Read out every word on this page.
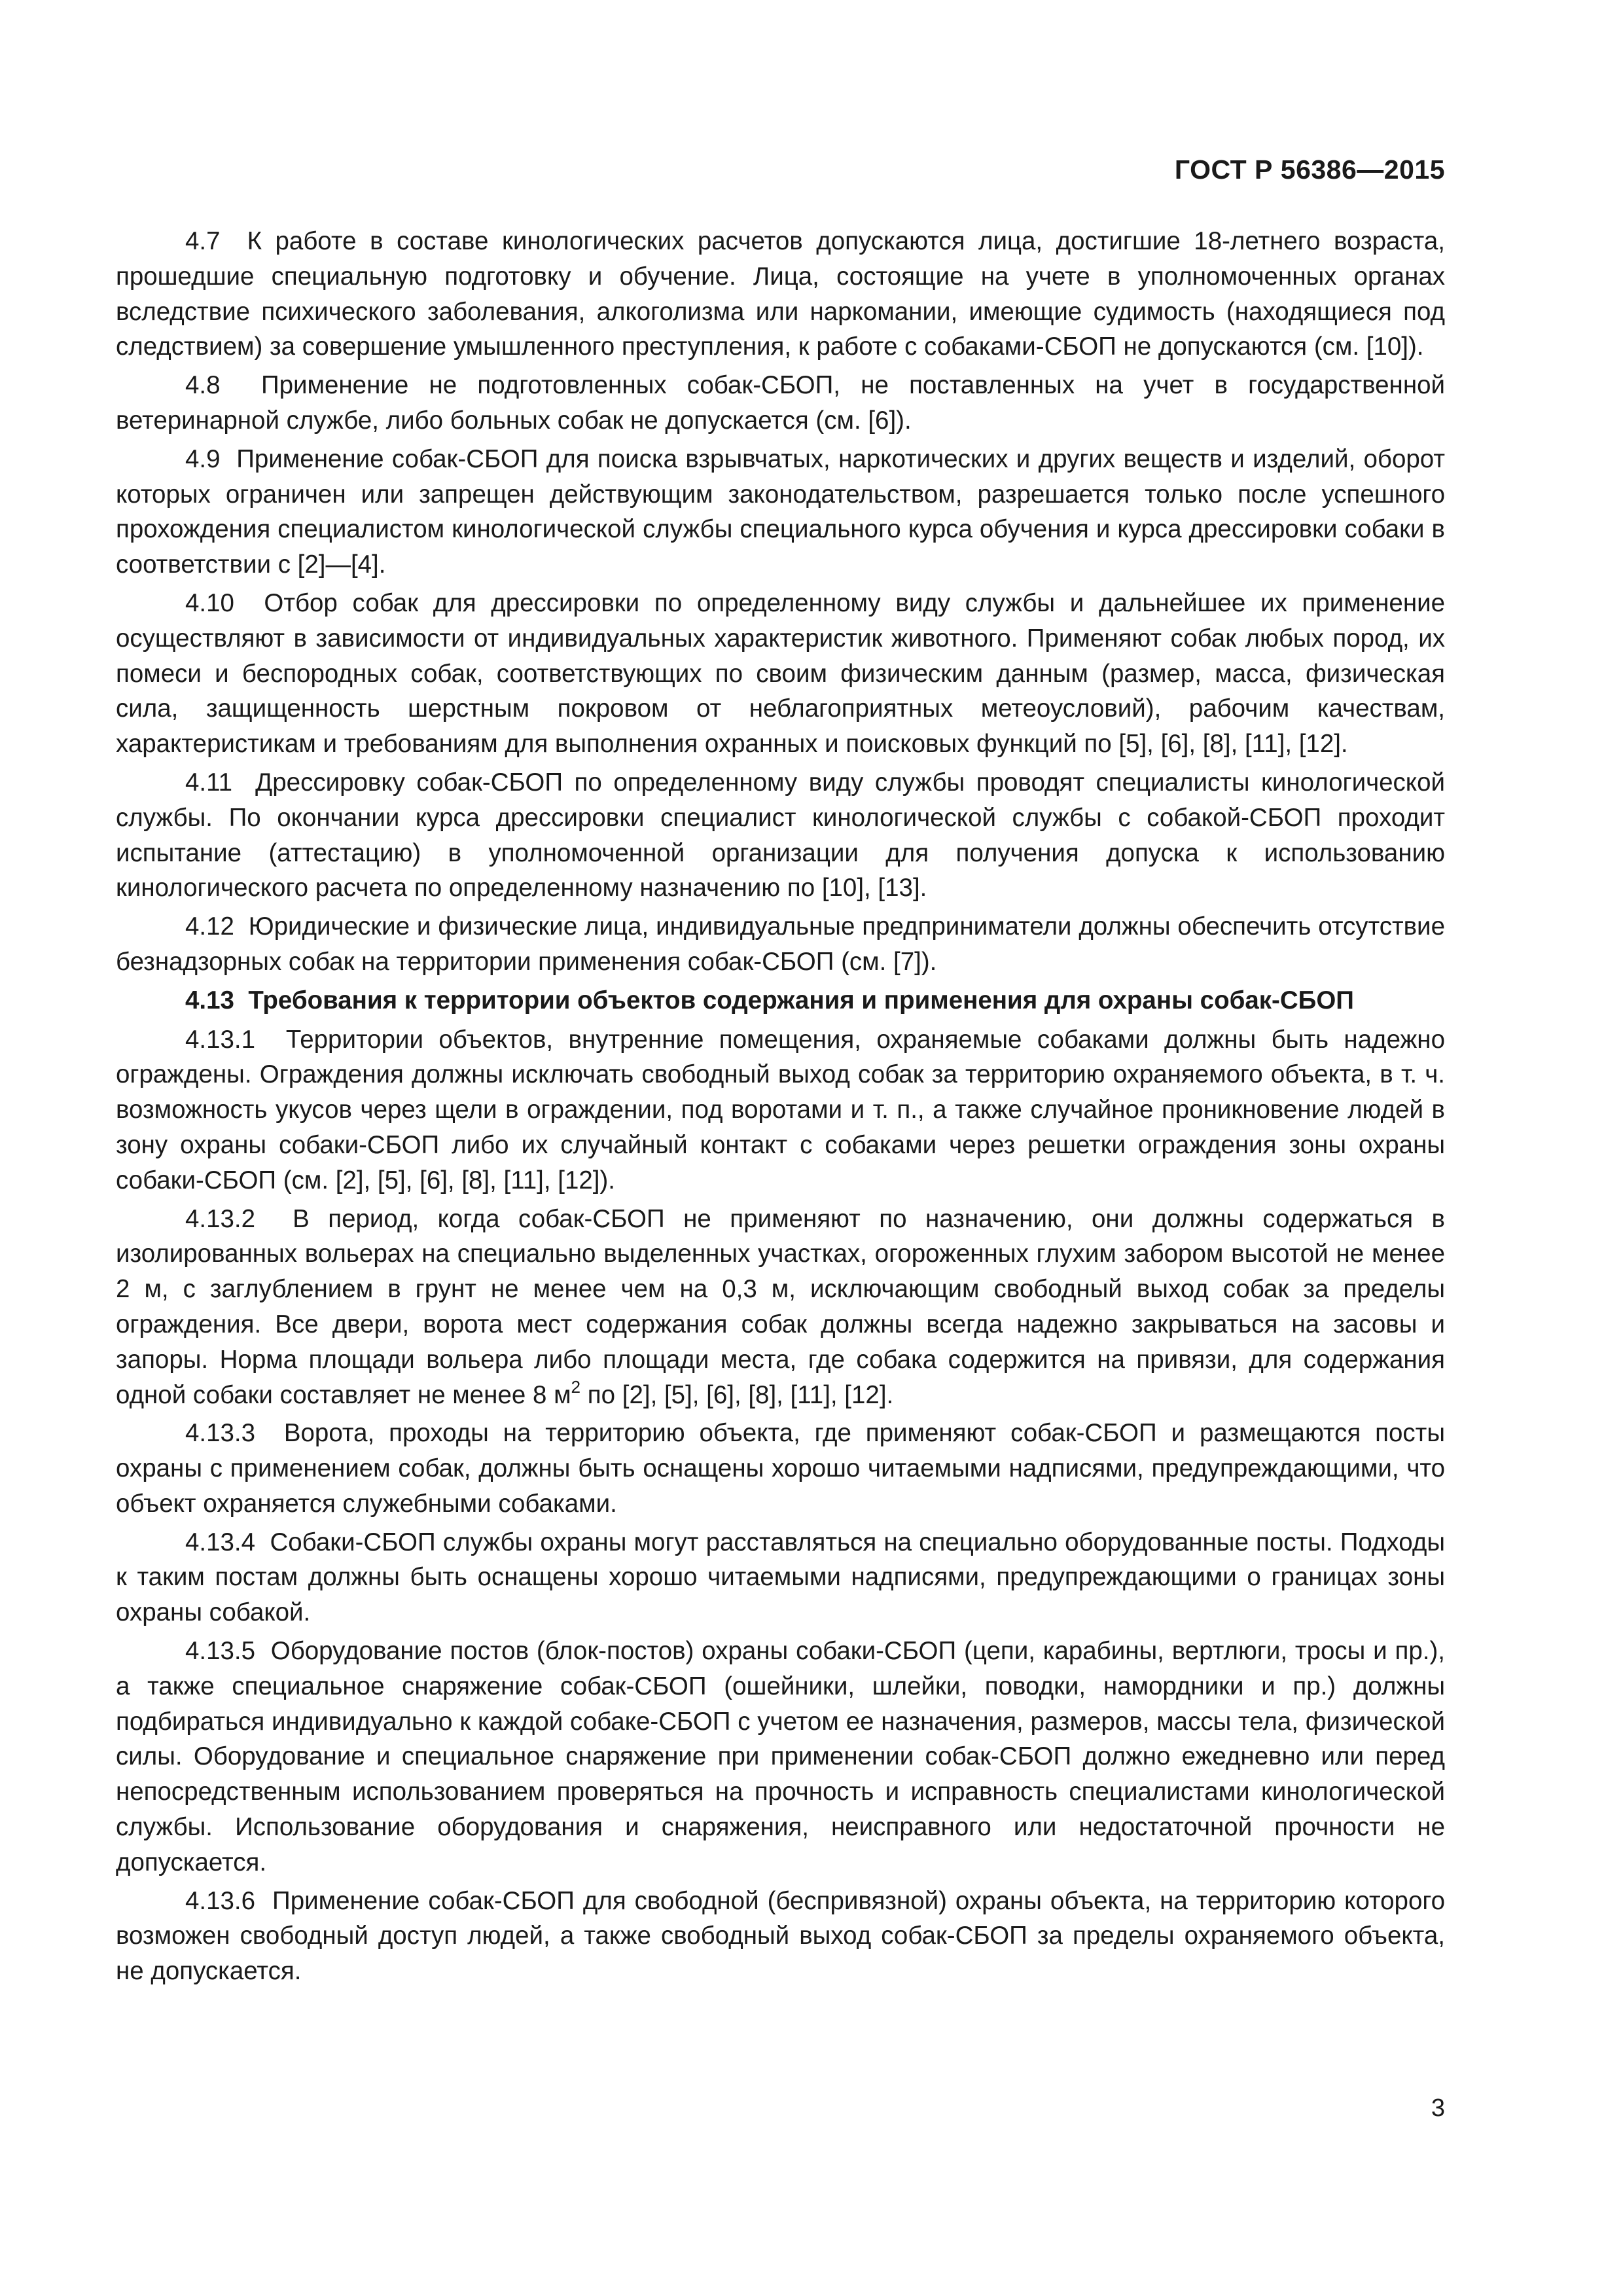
ГОСТ Р 56386—2015

4.7 К работе в составе кинологических расчетов допускаются лица, достигшие 18-летнего возраста, прошедшие специальную подготовку и обучение. Лица, состоящие на учете в уполномоченных органах вследствие психического заболевания, алкоголизма или наркомании, имеющие судимость (находящиеся под следствием) за совершение умышленного преступления, к работе с собаками-СБОП не допускаются (см. [10]).

4.8 Применение не подготовленных собак-СБОП, не поставленных на учет в государственной ветеринарной службе, либо больных собак не допускается (см. [6]).

4.9 Применение собак-СБОП для поиска взрывчатых, наркотических и других веществ и изделий, оборот которых ограничен или запрещен действующим законодательством, разрешается только после успешного прохождения специалистом кинологической службы специального курса обучения и курса дрессировки собаки в соответствии с [2]—[4].

4.10 Отбор собак для дрессировки по определенному виду службы и дальнейшее их применение осуществляют в зависимости от индивидуальных характеристик животного. Применяют собак любых пород, их помеси и беспородных собак, соответствующих по своим физическим данным (размер, масса, физическая сила, защищенность шерстным покровом от неблагоприятных метеоусловий), рабочим качествам, характеристикам и требованиям для выполнения охранных и поисковых функций по [5], [6], [8], [11], [12].

4.11 Дрессировку собак-СБОП по определенному виду службы проводят специалисты кинологической службы. По окончании курса дрессировки специалист кинологической службы с собакой-СБОП проходит испытание (аттестацию) в уполномоченной организации для получения допуска к использованию кинологического расчета по определенному назначению по [10], [13].

4.12 Юридические и физические лица, индивидуальные предприниматели должны обеспечить отсутствие безнадзорных собак на территории применения собак-СБОП (см. [7]).

4.13 Требования к территории объектов содержания и применения для охраны собак-СБОП

4.13.1 Территории объектов, внутренние помещения, охраняемые собаками должны быть надежно ограждены. Ограждения должны исключать свободный выход собак за территорию охраняемого объекта, в т. ч. возможность укусов через щели в ограждении, под воротами и т. п., а также случайное проникновение людей в зону охраны собаки-СБОП либо их случайный контакт с собаками через решетки ограждения зоны охраны собаки-СБОП (см. [2], [5], [6], [8], [11], [12]).

4.13.2 В период, когда собак-СБОП не применяют по назначению, они должны содержаться в изолированных вольерах на специально выделенных участках, огороженных глухим забором высотой не менее 2 м, с заглублением в грунт не менее чем на 0,3 м, исключающим свободный выход собак за пределы ограждения. Все двери, ворота мест содержания собак должны всегда надежно закрываться на засовы и запоры. Норма площади вольера либо площади места, где собака содержится на привязи, для содержания одной собаки составляет не менее 8 $м^2$ по [2], [5], [6], [8], [11], [12].

4.13.3 Ворота, проходы на территорию объекта, где применяют собак-СБОП и размещаются посты охраны с применением собак, должны быть оснащены хорошо читаемыми надписями, предупреждающими, что объект охраняется служебными собаками.

4.13.4 Собаки-СБОП службы охраны могут расставляться на специально оборудованные посты. Подходы к таким постам должны быть оснащены хорошо читаемыми надписями, предупреждающими о границах зоны охраны собакой.

4.13.5 Оборудование постов (блок-постов) охраны собаки-СБОП (цепи, карабины, вертлюги, тросы и пр.), а также специальное снаряжение собак-СБОП (ошейники, шлейки, поводки, намордники и пр.) должны подбираться индивидуально к каждой собаке-СБОП с учетом ее назначения, размеров, массы тела, физической силы. Оборудование и специальное снаряжение при применении собак-СБОП должно ежедневно или перед непосредственным использованием проверяться на прочность и исправность специалистами кинологической службы. Использование оборудования и снаряжения, неисправного или недостаточной прочности не допускается.

4.13.6 Применение собак-СБОП для свободной (беспривязной) охраны объекта, на территорию которого возможен свободный доступ людей, а также свободный выход собак-СБОП за пределы охраняемого объекта, не допускается.

3
